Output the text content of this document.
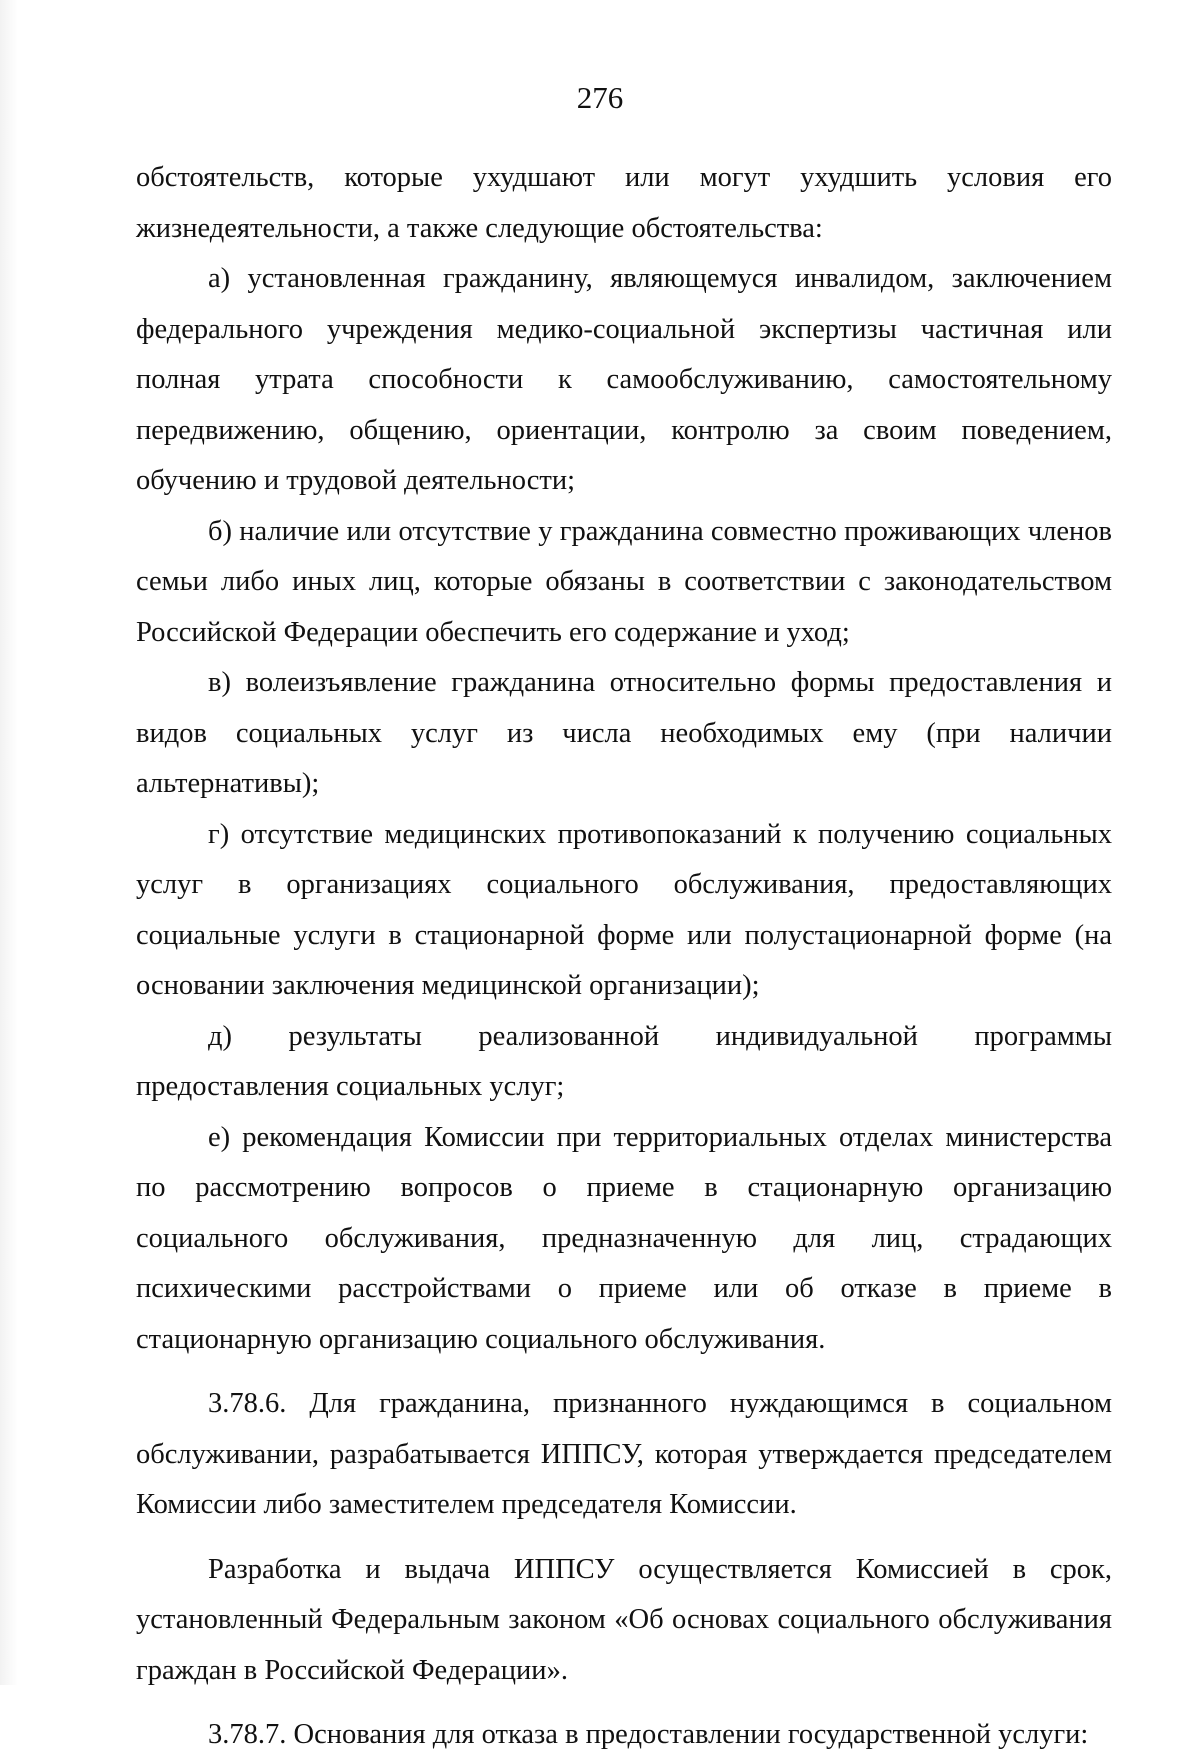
276

обстоятельств, которые ухудшают или могут ухудшить условия его жизнедеятельности, а также следующие обстоятельства:

а) установленная гражданину, являющемуся инвалидом, заключением федерального учреждения медико-социальной экспертизы частичная или полная утрата способности к самообслуживанию, самостоятельному передвижению, общению, ориентации, контролю за своим поведением, обучению и трудовой деятельности;

б) наличие или отсутствие у гражданина совместно проживающих членов семьи либо иных лиц, которые обязаны в соответствии с законодательством Российской Федерации обеспечить его содержание и уход;

в) волеизъявление гражданина относительно формы предоставления и видов социальных услуг из числа необходимых ему (при наличии альтернативы);

г) отсутствие медицинских противопоказаний к получению социальных услуг в организациях социального обслуживания, предоставляющих социальные услуги в стационарной форме или полустационарной форме (на основании заключения медицинской организации);

д) результаты реализованной индивидуальной программы предоставления социальных услуг;

е) рекомендация Комиссии при территориальных отделах министерства по рассмотрению вопросов о приеме в стационарную организацию социального обслуживания, предназначенную для лиц, страдающих психическими расстройствами о приеме или об отказе в приеме в стационарную организацию социального обслуживания.

3.78.6. Для гражданина, признанного нуждающимся в социальном обслуживании, разрабатывается ИППСУ, которая утверждается председателем Комиссии либо заместителем председателя Комиссии.

Разработка и выдача ИППСУ осуществляется Комиссией в срок, установленный Федеральным законом «Об основах социального обслуживания граждан в Российской Федерации».

3.78.7. Основания для отказа в предоставлении государственной услуги:
